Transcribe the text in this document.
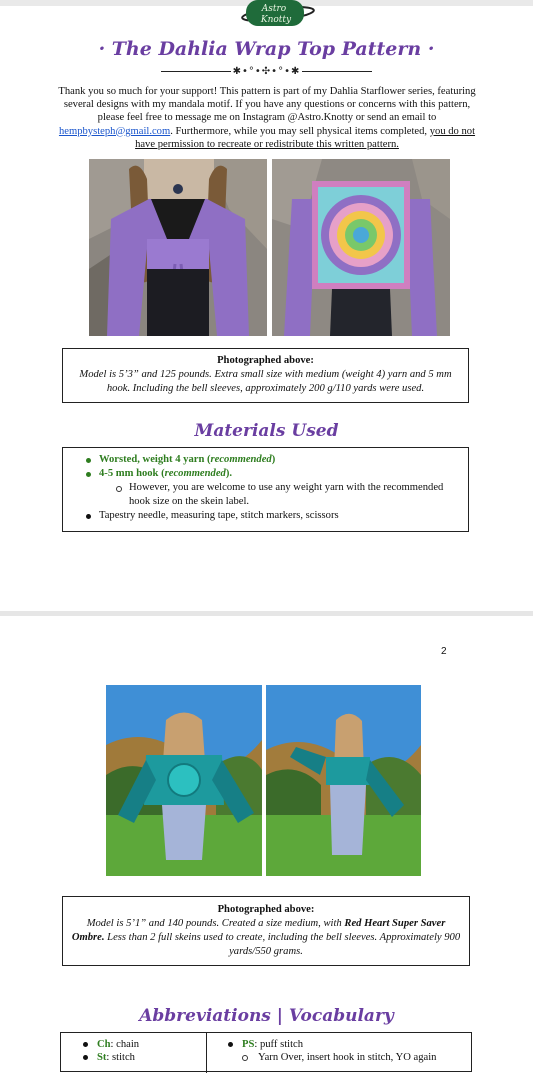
Astro
Knotty
· The Dahlia Wrap Top Pattern ·
✱•°•✣•°•✱
Thank you so much for your support! This pattern is part of my Dahlia Starflower series, featuring several designs with my mandala motif. If you have any questions or concerns with this pattern, please feel free to message me on Instagram @Astro.Knotty or send an email to hempbysteph@gmail.com. Furthermore, while you may sell physical items completed, you do not have permission to recreate or redistribute this written pattern.
Photographed above:
Model is 5’3” and 125 pounds. Extra small size with medium (weight 4) yarn and 5 mm hook. Including the bell sleeves, approximately 200 g/110 yards were used.
Materials Used
Worsted, weight 4 yarn (recommended)
4-5 mm hook (recommended).
However, you are welcome to use any weight yarn with the recommended hook size on the skein label.
Tapestry needle, measuring tape, stitch markers, scissors
2
Photographed above:
Model is 5’1” and 140 pounds. Created a size medium, with Red Heart Super Saver Ombre. Less than 2 full skeins used to create, including the bell sleeves. Approximately 900 yards/550 grams.
Abbreviations | Vocabulary
Ch: chain
St: stitch
PS: puff stitch
Yarn Over, insert hook in stitch, YO again
